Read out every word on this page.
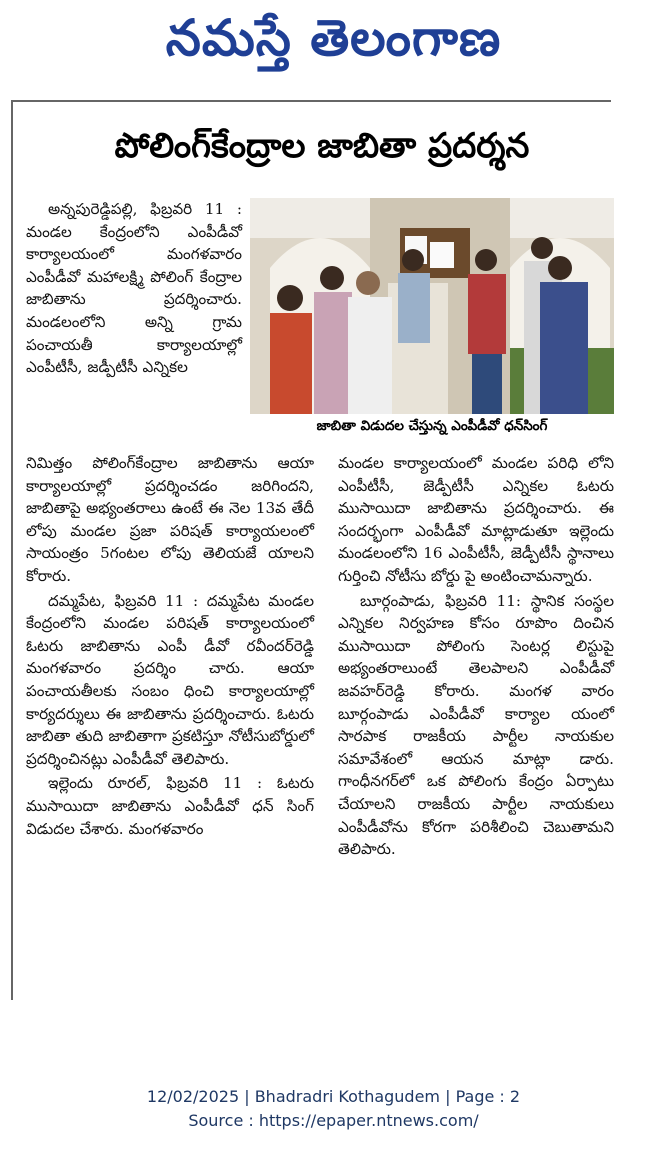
నమస్తే తెలంగాణ
పోలింగ్‌కేంద్రాల జాబితా ప్రదర్శన

అన్నపురెడ్డిపల్లి, ఫిబ్రవరి 11 : మండల కేంద్రంలోని ఎంపీడీవో కార్యాలయంలో మంగళవారం ఎంపీడీవో మహాలక్ష్మి పోలింగ్ కేంద్రాల జాబితాను ప్రదర్శించారు. మండలంలోని అన్ని గ్రామ పంచాయతీ కార్యాలయాల్లో ఎంపీటీసీ, జడ్పీటీసీ ఎన్నికల

జాబితా విడుదల చేస్తున్న ఎంపీడీవో ధన్‌సింగ్

నిమిత్తం పోలింగ్‌కేంద్రాల జాబితాను ఆయా కార్యాలయాల్లో ప్రదర్శించడం జరిగిందని, జాబితాపై అభ్యంతరాలు ఉంటే ఈ నెల 13వ తేదీ లోపు మండల ప్రజా పరిషత్ కార్యాయలంలో సాయంత్రం 5గంటల లోపు తెలియజే యాలని కోరారు.

దమ్మపేట, ఫిబ్రవరి 11 : దమ్మపేట మండల కేంద్రంలోని మండల పరిషత్ కార్యాలయంలో ఓటరు జాబితాను ఎంపీ డీవో రవీందర్‌రెడ్డి మంగళవారం ప్రదర్శిం చారు. ఆయా పంచాయతీలకు సంబం ధించి కార్యాలయాల్లో కార్యదర్శులు ఈ జాబితాను ప్రదర్శించారు. ఓటరు జాబితా తుది జాబితాగా ప్రకటిస్తూ నోటీసుబోర్డులో ప్రదర్శించినట్లు ఎంపీడీవో తెలిపారు.

ఇల్లెందు రూరల్, ఫిబ్రవరి 11 : ఓటరు ముసాయిదా జాబితాను ఎంపీడీవో ధన్ సింగ్ విడుదల చేశారు. మంగళవారం

మండల కార్యాలయంలో మండల పరిధి లోని ఎంపీటీసీ, జెడ్పీటీసీ ఎన్నికల ఓటరు ముసాయిదా జాబితాను ప్రదర్శించారు. ఈ సందర్భంగా ఎంపీడీవో మాట్లాడుతూ ఇల్లెందు మండలంలోని 16 ఎంపీటీసీ, జెడ్పీటీసీ స్థానాలు గుర్తించి నోటీసు బోర్డు పై అంటించామన్నారు.

బూర్గంపాడు, ఫిబ్రవరి 11: స్థానిక సంస్థల ఎన్నికల నిర్వహణ కోసం రూపొం దించిన ముసాయిదా పోలింగు సెంటర్ల లిస్టుపై అభ్యంతరాలుంటే తెలపాలని ఎంపీడీవో జవహర్‌రెడ్డి కోరారు. మంగళ వారం బూర్గంపాడు ఎంపీడీవో కార్యాల యంలో సారపాక రాజకీయ పార్టీల నాయకుల సమావేశంలో ఆయన మాట్లా డారు. గాంధీనగర్‌లో ఒక పోలింగు కేంద్రం ఏర్పాటు చేయాలని రాజకీయ పార్టీల నాయకులు ఎంపీడీవోను కోరగా పరిశీలించి చెబుతామని తెలిపారు.

12/02/2025 | Bhadradri Kothagudem | Page : 2
Source : https://epaper.ntnews.com/
